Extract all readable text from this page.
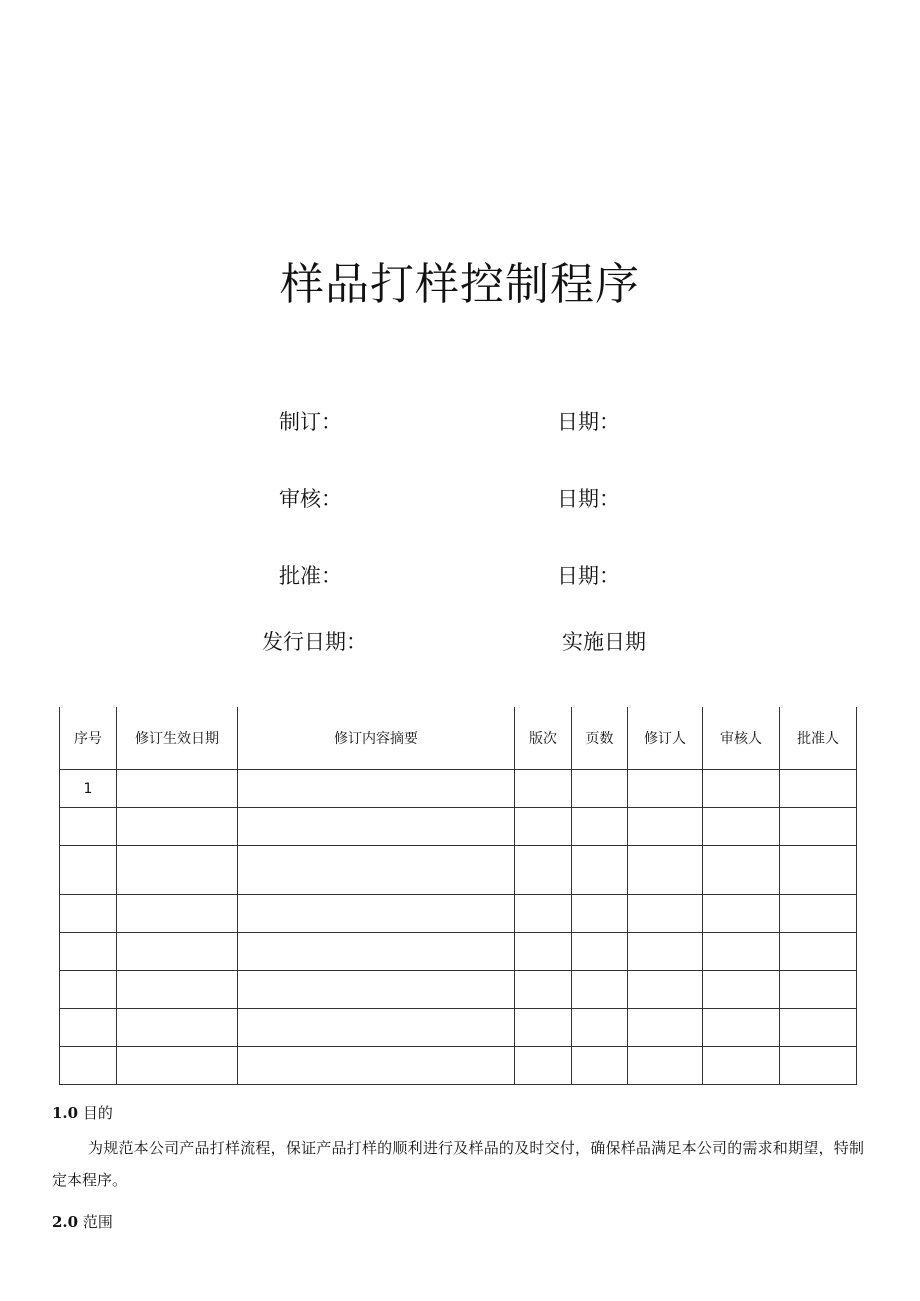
样品打样控制程序
制订：	日期：
审核：	日期：
批准：	日期：
发行日期：	实施日期
序号	修订生效日期	修订内容摘要	版次	页数	修订人	审核人	批准人
1							

1.0 目的
为规范本公司产品打样流程，保证产品打样的顺利进行及样品的及时交付，确保样品满足本公司的需求和期望，特制定本程序。
2.0 范围
